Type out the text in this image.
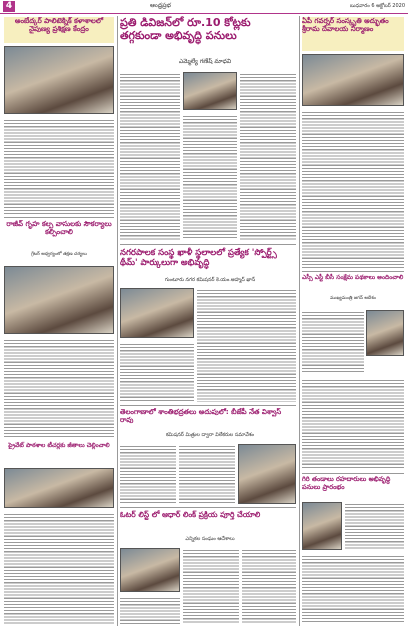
4	ఆంధ్రప్రభ	బుధవారం 6 అక్టోబర్ 2020
అంబేద్కర్ పాలిటెక్నిక్ కళాశాలలో నైపుణ్య ప్రశిక్షణ కేంద్రం
రాజీవ్ గృహ కల్ప వాసులకు సౌకర్యాలు కల్పించాలి
గ్రేటర్ ఆధ్వర్యంలో తక్షణ చర్యలు
ప్రైవేట్ పాఠశాల టీచర్లకు జీతాలు చెల్లించాలి
ప్రతి డివిజన్‌లో రూ.10 కోట్లకు తగ్గకుండా అభివృద్ధి పనులు
ఎమ్మెల్యే గణేష్ మాధవి
నగరపాలక సంస్థ ఖాళీ స్థలాలలో ప్రత్యేక 'స్పోర్ట్స్ థీమ్' పార్కులుగా అభివృద్ధి
గుంటూరు నగర కమిషనర్ కె.యం.అహ్మద్ ఖాన్
తెలంగాణాలో శాంతిభద్రతలు అదుపులో: బీజేపీ నేత విశ్వాస్ రావు
కమిషనర్ మిత్రుల ద్వారా విలేకరుల సమావేశం
ఓటర్ లిస్ట్ లో ఆధార్ లింక్ ప్రక్రియ పూర్తి చేయాలి
ఎన్నికల సంఘం ఆదేశాలు
ఏపీ గవర్నర్ సంస్కృతి అద్భుతం శ్రీరామ దేవాలయ నిర్మాణం
ఎస్సీ ఎస్టీ బీసీ సంక్షేమ పథకాలు అందించాలి
ముఖ్యమంత్రి జగన్ ఆదేశం
గిరి తండాలు రహదారులు అభివృద్ధి పనులు ప్రారంభం
